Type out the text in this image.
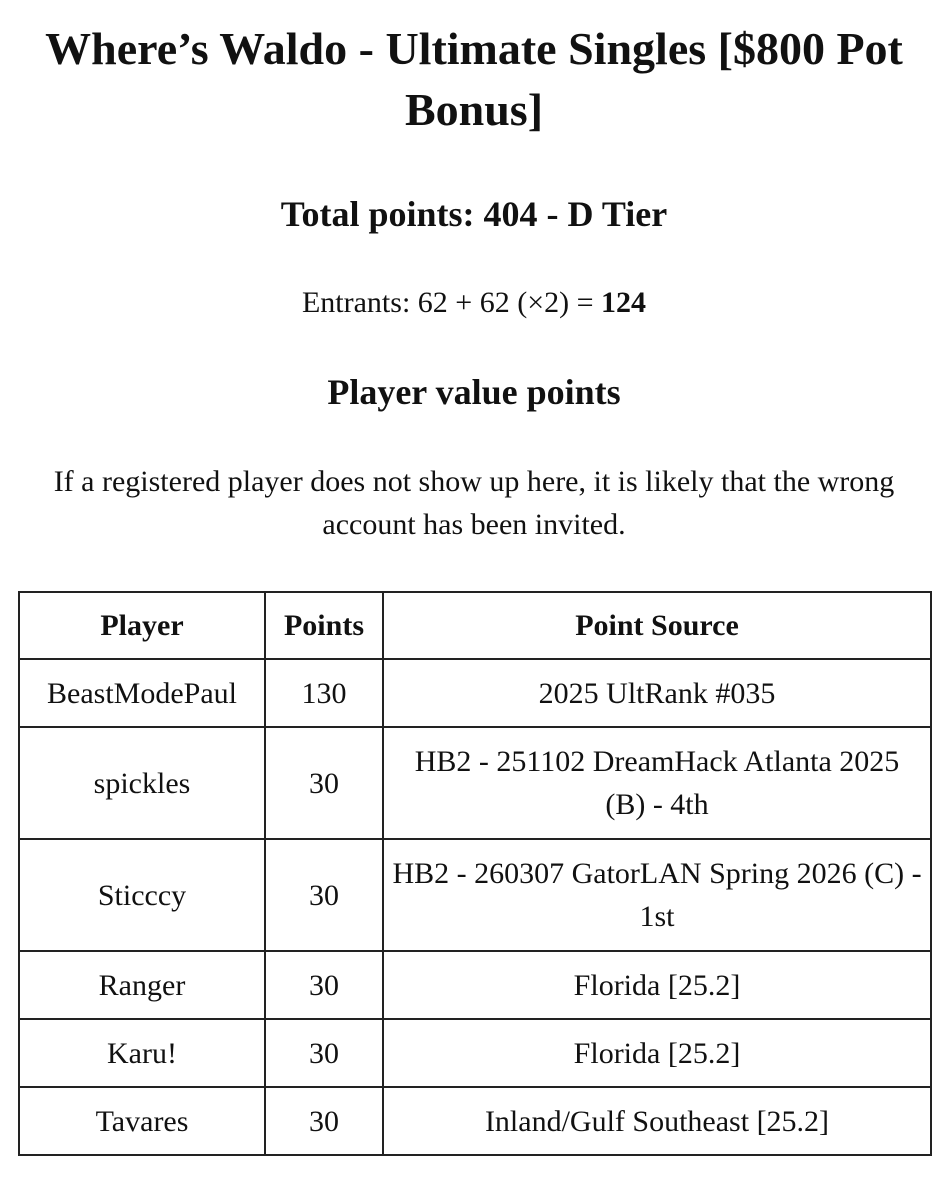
Where’s Waldo - Ultimate Singles [$800 Pot Bonus]
Total points: 404 - D Tier

Entrants: 62 + 62 (×2) = 124

Player value points

If a registered player does not show up here, it is likely that the wrong account has been invited.

Player	Points	Point Source
BeastModePaul	130	2025 UltRank #035
spickles	30	HB2 - 251102 DreamHack Atlanta 2025 (B) - 4th
Sticccy	30	HB2 - 260307 GatorLAN Spring 2026 (C) - 1st
Ranger	30	Florida [25.2]
Karu!	30	Florida [25.2]
Tavares	30	Inland/Gulf Southeast [25.2]
